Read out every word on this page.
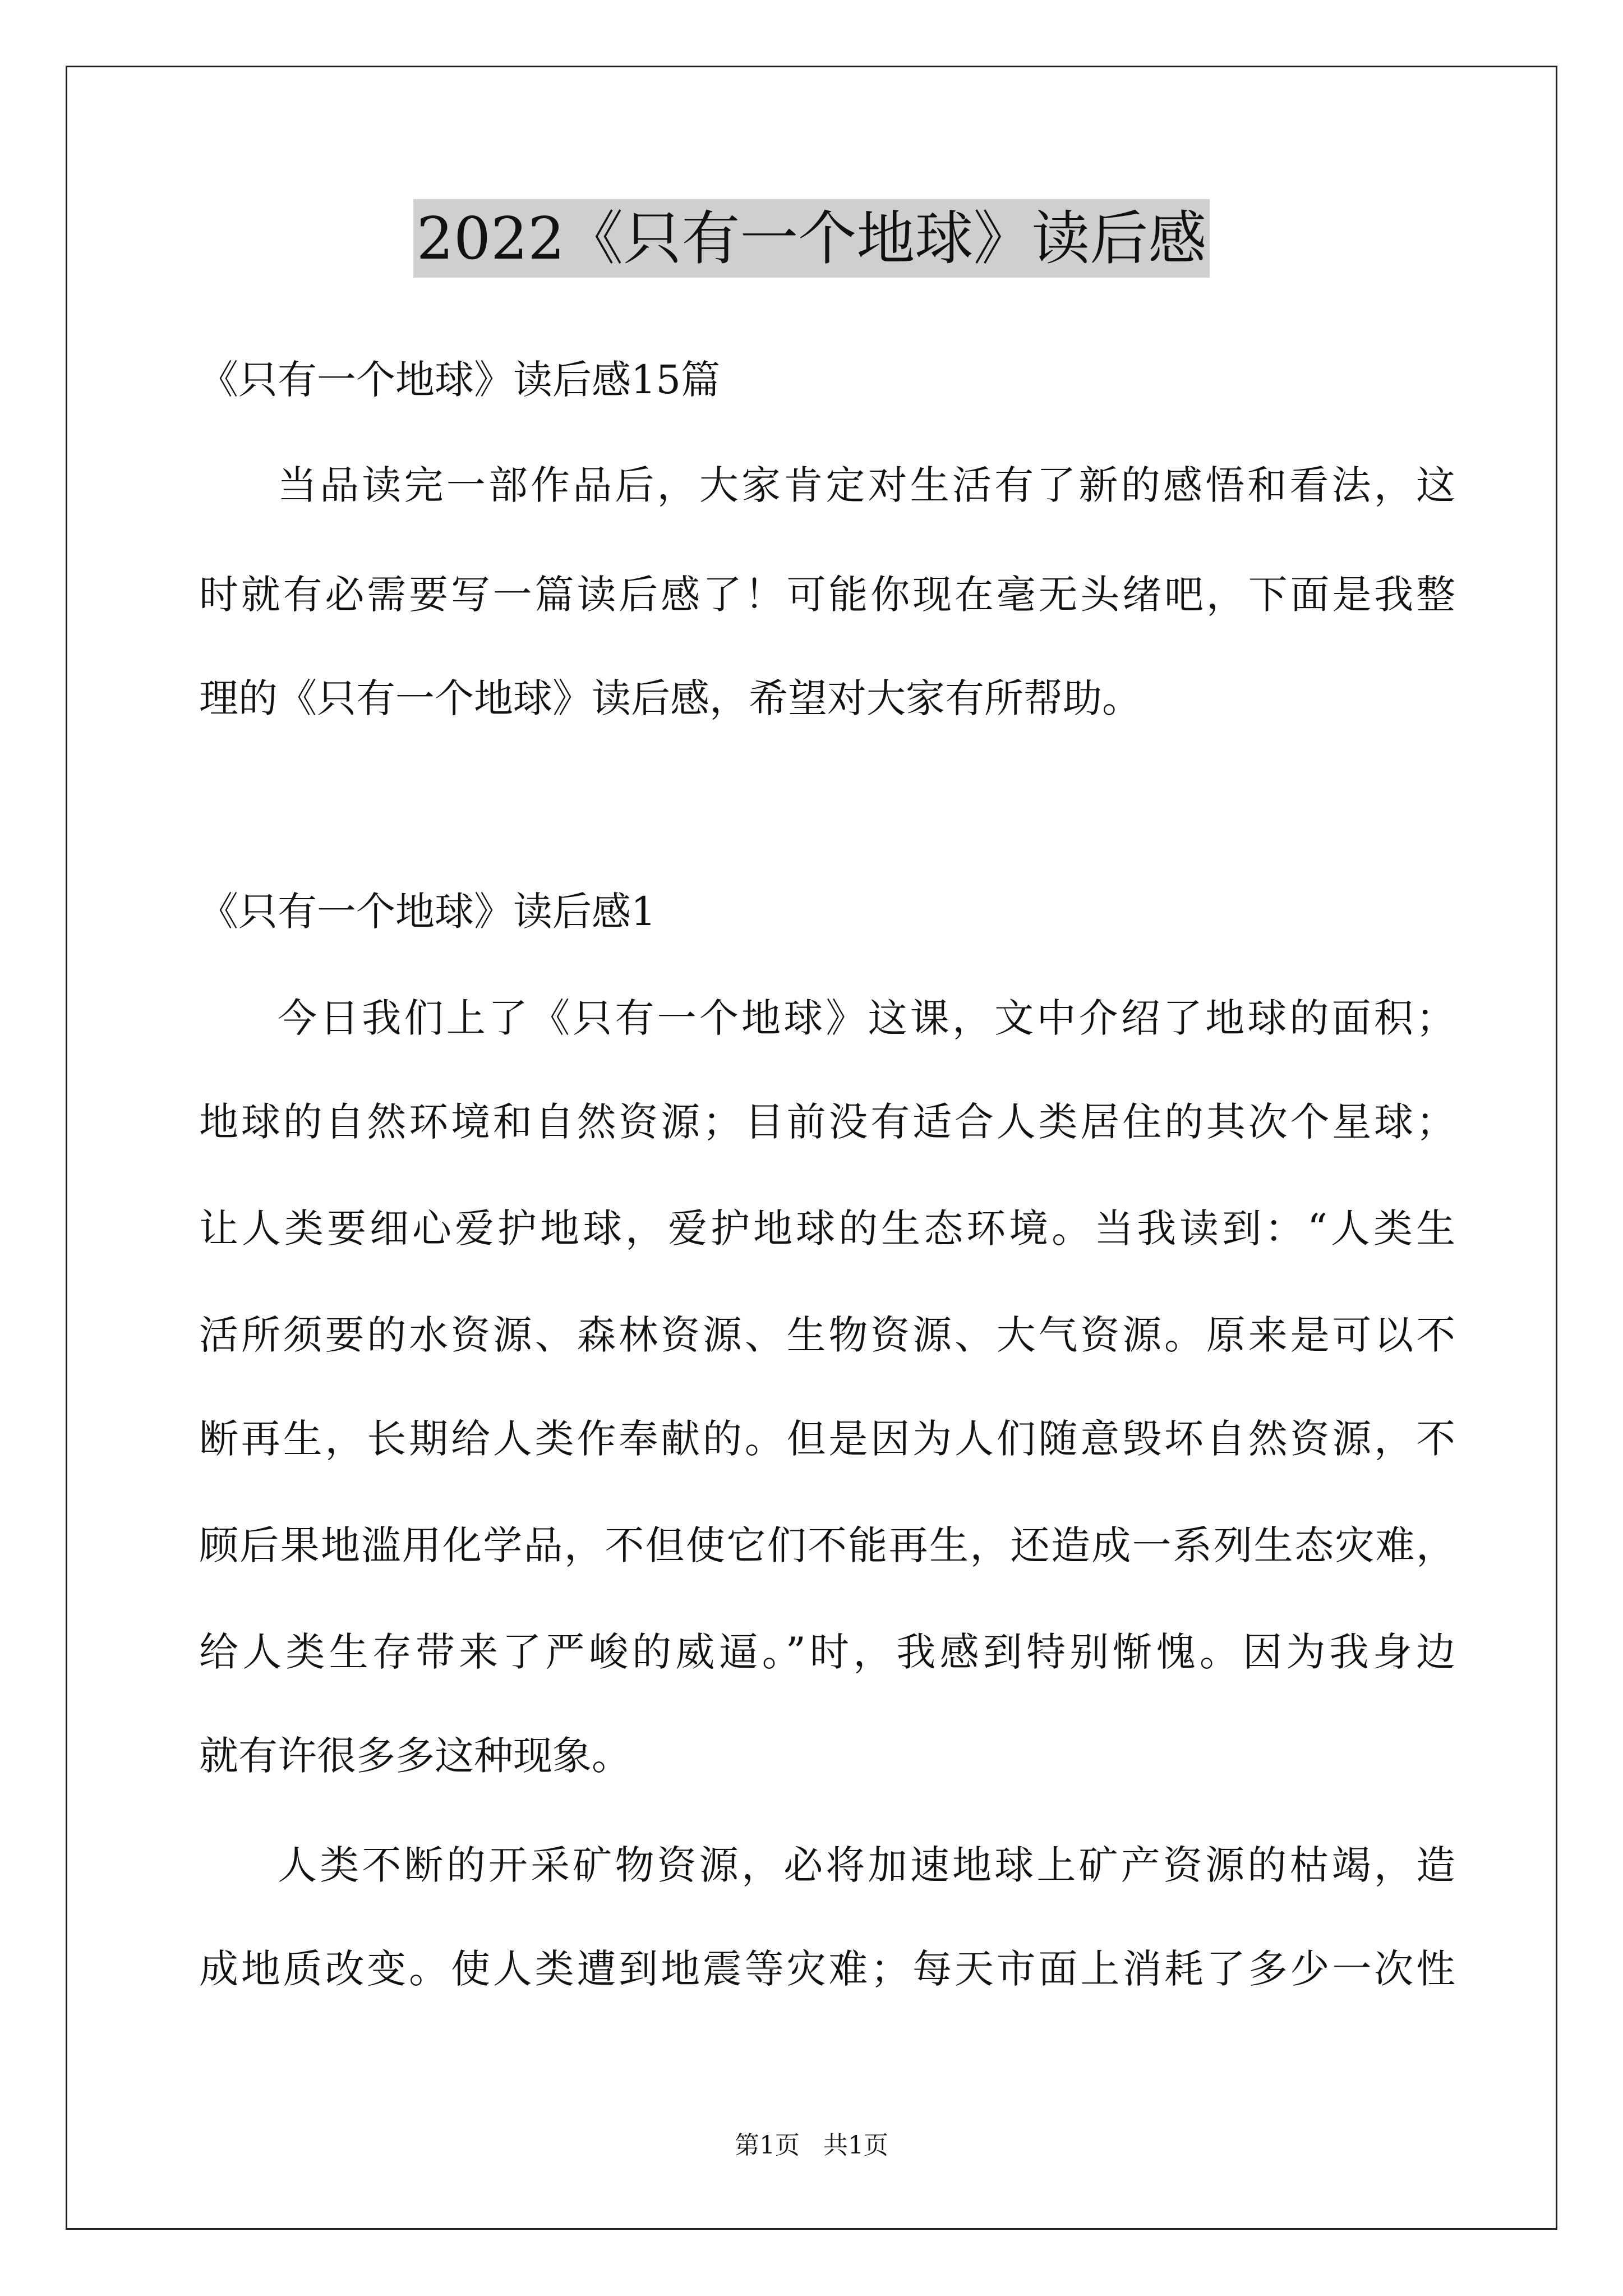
2022《只有一个地球》读后感
《只有一个地球》读后感15篇
当品读完一部作品后，大家肯定对生活有了新的感悟和看法，这
时就有必需要写一篇读后感了！可能你现在毫无头绪吧，下面是我整
理的《只有一个地球》读后感，希望对大家有所帮助。
《只有一个地球》读后感1
今日我们上了《只有一个地球》这课，文中介绍了地球的面积；
地球的自然环境和自然资源；目前没有适合人类居住的其次个星球；
让人类要细心爱护地球，爱护地球的生态环境。当我读到：“人类生
活所须要的水资源、森林资源、生物资源、大气资源。原来是可以不
断再生，长期给人类作奉献的。但是因为人们随意毁坏自然资源，不
顾后果地滥用化学品，不但使它们不能再生，还造成一系列生态灾难，
给人类生存带来了严峻的威逼。”时，我感到特别惭愧。因为我身边
就有许很多多这种现象。
人类不断的开采矿物资源，必将加速地球上矿产资源的枯竭，造
成地质改变。使人类遭到地震等灾难；每天市面上消耗了多少一次性
第1页   共1页
